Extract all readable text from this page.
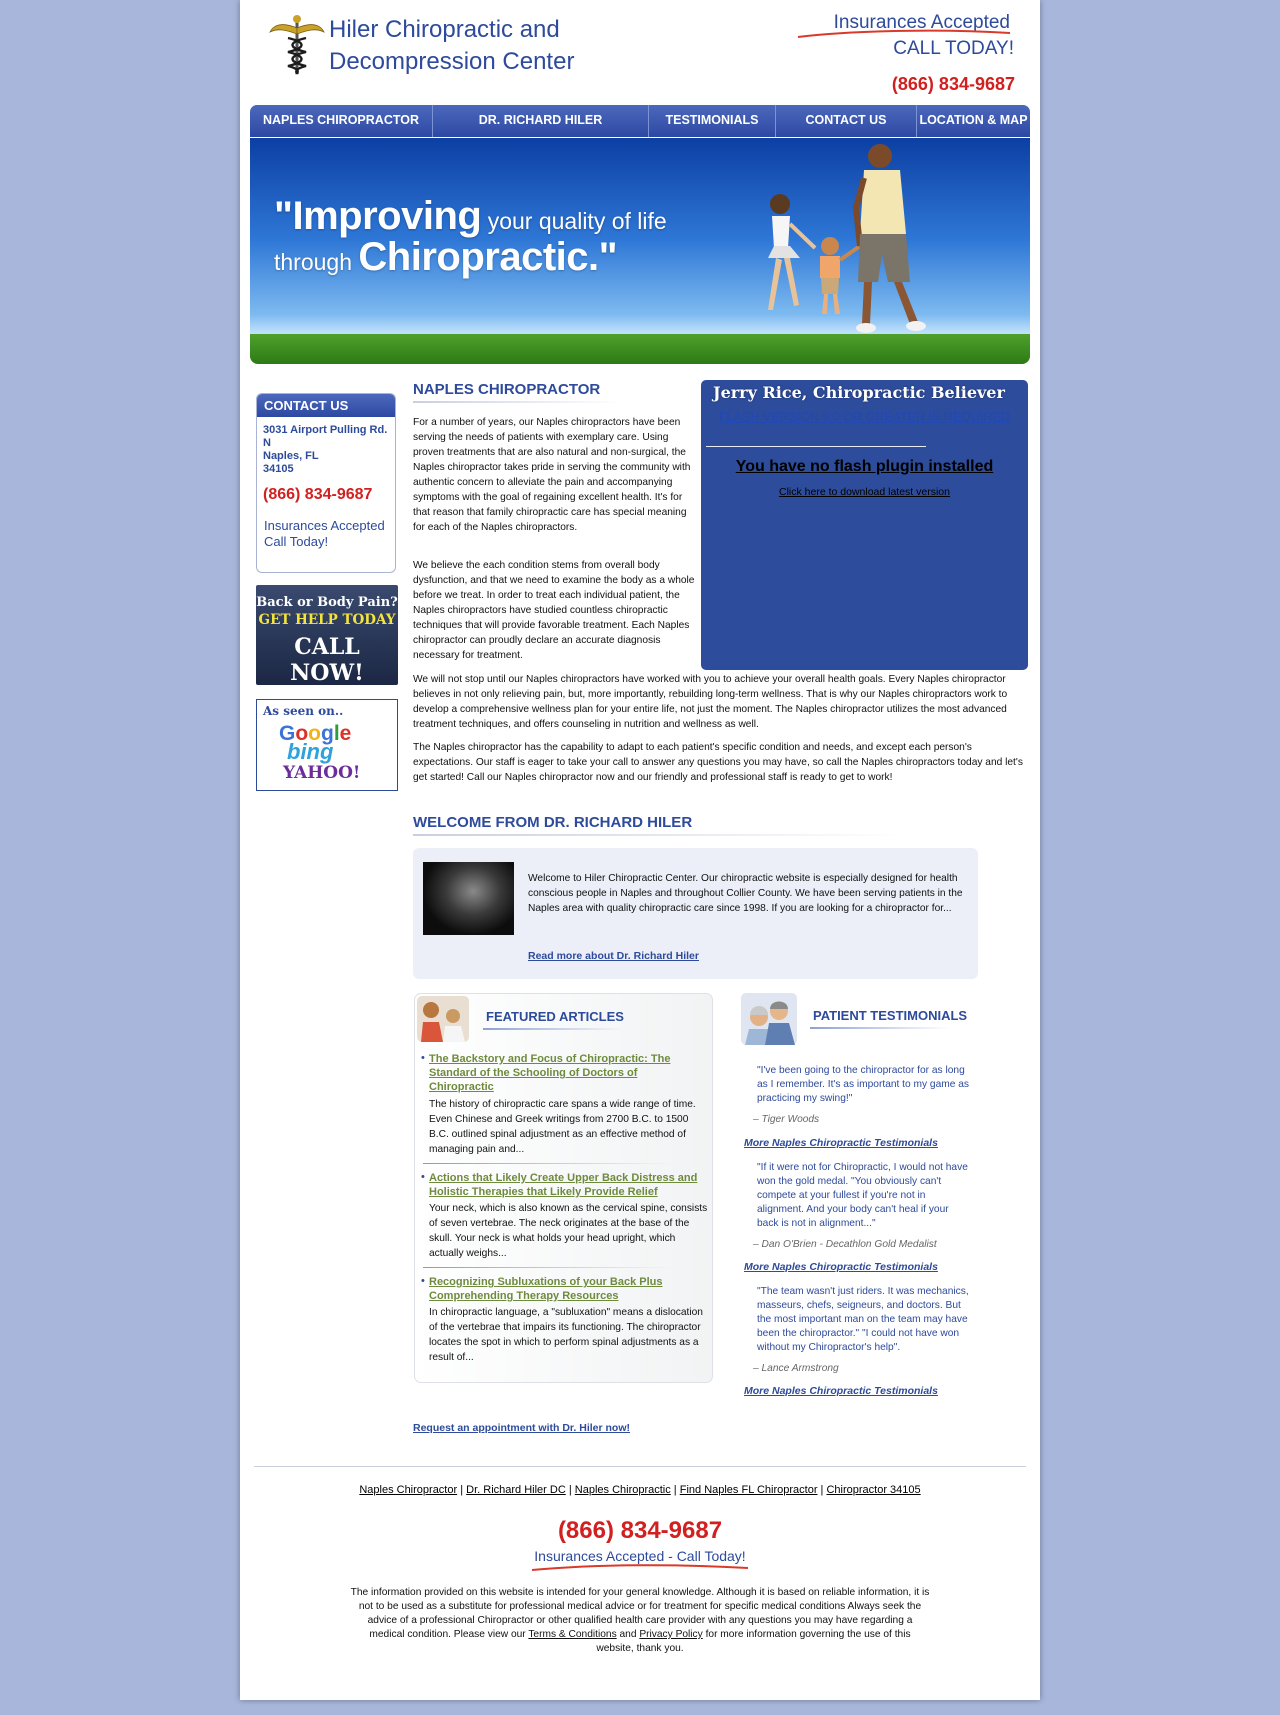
Hiler Chiropractic and
Decompression Center
Insurances Accepted
CALL TODAY!
(866) 834-9687
NAPLES CHIROPRACTOR	DR. RICHARD HILER	TESTIMONIALS	CONTACT US	LOCATION & MAP
"Improving your quality of life
through Chiropractic."
CONTACT US
3031 Airport Pulling Rd.
N
Naples, FL
34105
(866) 834-9687
Insurances Accepted
Call Today!
Back or Body Pain?
GET HELP TODAY
CALL NOW!
As seen on..
Google
bing
YAHOO!
NAPLES CHIROPRACTOR
For a number of years, our Naples chiropractors have been serving the needs of patients with exemplary care. Using proven treatments that are also natural and non-surgical, the Naples chiropractor takes pride in serving the community with authentic concern to alleviate the pain and accompanying symptoms with the goal of regaining excellent health. It's for that reason that family chiropractic care has special meaning for each of the Naples chiropractors.
We believe the each condition stems from overall body dysfunction, and that we need to examine the body as a whole before we treat. In order to treat each individual patient, the Naples chiropractors have studied countless chiropractic techniques that will provide favorable treatment. Each Naples chiropractor can proudly declare an accurate diagnosis necessary for treatment.
We will not stop until our Naples chiropractors have worked with you to achieve your overall health goals. Every Naples chiropractor believes in not only relieving pain, but, more importantly, rebuilding long-term wellness. That is why our Naples chiropractors work to develop a comprehensive wellness plan for your entire life, not just the moment. The Naples chiropractor utilizes the most advanced treatment techniques, and offers counseling in nutrition and wellness as well.
The Naples chiropractor has the capability to adapt to each patient's specific condition and needs, and except each person's expectations. Our staff is eager to take your call to answer any questions you may have, so call the Naples chiropractors today and let's get started! Call our Naples chiropractor now and our friendly and professional staff is ready to get to work!
Jerry Rice, Chiropractic Believer
FLASH VERSION 9.0 OR GREATER IS REQUIRED
You have no flash plugin installed
Click here to download latest version
WELCOME FROM DR. RICHARD HILER
Welcome to Hiler Chiropractic Center. Our chiropractic website is especially designed for health conscious people in Naples and throughout Collier County. We have been serving patients in the Naples area with quality chiropractic care since 1998. If you are looking for a chiropractor for...
Read more about Dr. Richard Hiler
FEATURED ARTICLES
• The Backstory and Focus of Chiropractic: The Standard of the Schooling of Doctors of Chiropractic
The history of chiropractic care spans a wide range of time. Even Chinese and Greek writings from 2700 B.C. to 1500 B.C. outlined spinal adjustment as an effective method of managing pain and...
• Actions that Likely Create Upper Back Distress and Holistic Therapies that Likely Provide Relief
Your neck, which is also known as the cervical spine, consists of seven vertebrae. The neck originates at the base of the skull. Your neck is what holds your head upright, which actually weighs...
• Recognizing Subluxations of your Back Plus Comprehending Therapy Resources
In chiropractic language, a "subluxation" means a dislocation of the vertebrae that impairs its functioning. The chiropractor locates the spot in which to perform spinal adjustments as a result of...
PATIENT TESTIMONIALS
"I've been going to the chiropractor for as long as I remember. It's as important to my game as practicing my swing!"
– Tiger Woods
More Naples Chiropractic Testimonials
"If it were not for Chiropractic, I would not have won the gold medal. "You obviously can't compete at your fullest if you're not in alignment. And your body can't heal if your back is not in alignment..."
– Dan O'Brien - Decathlon Gold Medalist
More Naples Chiropractic Testimonials
"The team wasn't just riders. It was mechanics, masseurs, chefs, seigneurs, and doctors. But the most important man on the team may have been the chiropractor." "I could not have won without my Chiropractor's help".
– Lance Armstrong
More Naples Chiropractic Testimonials
Request an appointment with Dr. Hiler now!
Naples Chiropractor | Dr. Richard Hiler DC | Naples Chiropractic | Find Naples FL Chiropractor | Chiropractor 34105
(866) 834-9687
Insurances Accepted - Call Today!
The information provided on this website is intended for your general knowledge. Although it is based on reliable information, it is not to be used as a substitute for professional medical advice or for treatment for specific medical conditions Always seek the advice of a professional Chiropractor or other qualified health care provider with any questions you may have regarding a medical condition. Please view our Terms & Conditions and Privacy Policy for more information governing the use of this website, thank you.
